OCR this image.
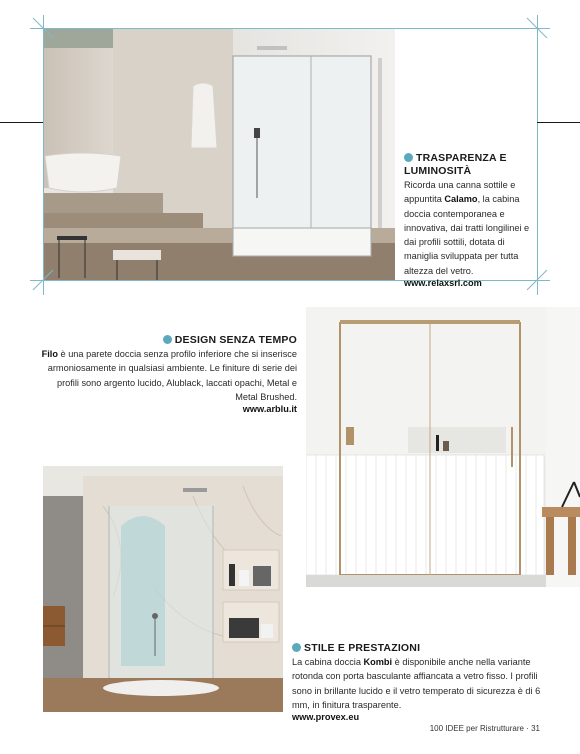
TRASPARENZA E
LUMINOSITÀ
Ricorda una canna sottile e appuntita Calamo, la cabina doccia contemporanea e innovativa, dai tratti longilinei e dai profili sottili, dotata di maniglia sviluppata per tutta altezza del vetro.
www.relaxsrl.com
DESIGN SENZA TEMPO
Filo è una parete doccia senza profilo inferiore che si inserisce armoniosamente in qualsiasi ambiente. Le finiture di serie dei profili sono argento lucido, Alublack, laccati opachi, Metal e Metal Brushed.
www.arblu.it
STILE E PRESTAZIONI
La cabina doccia Kombi è disponibile anche nella variante rotonda con porta basculante affiancata a vetro fisso. I profili sono in brillante lucido e il vetro temperato di sicurezza è di 6 mm, in finitura trasparente.
www.provex.eu
100 IDEE per Ristrutturare · 31
